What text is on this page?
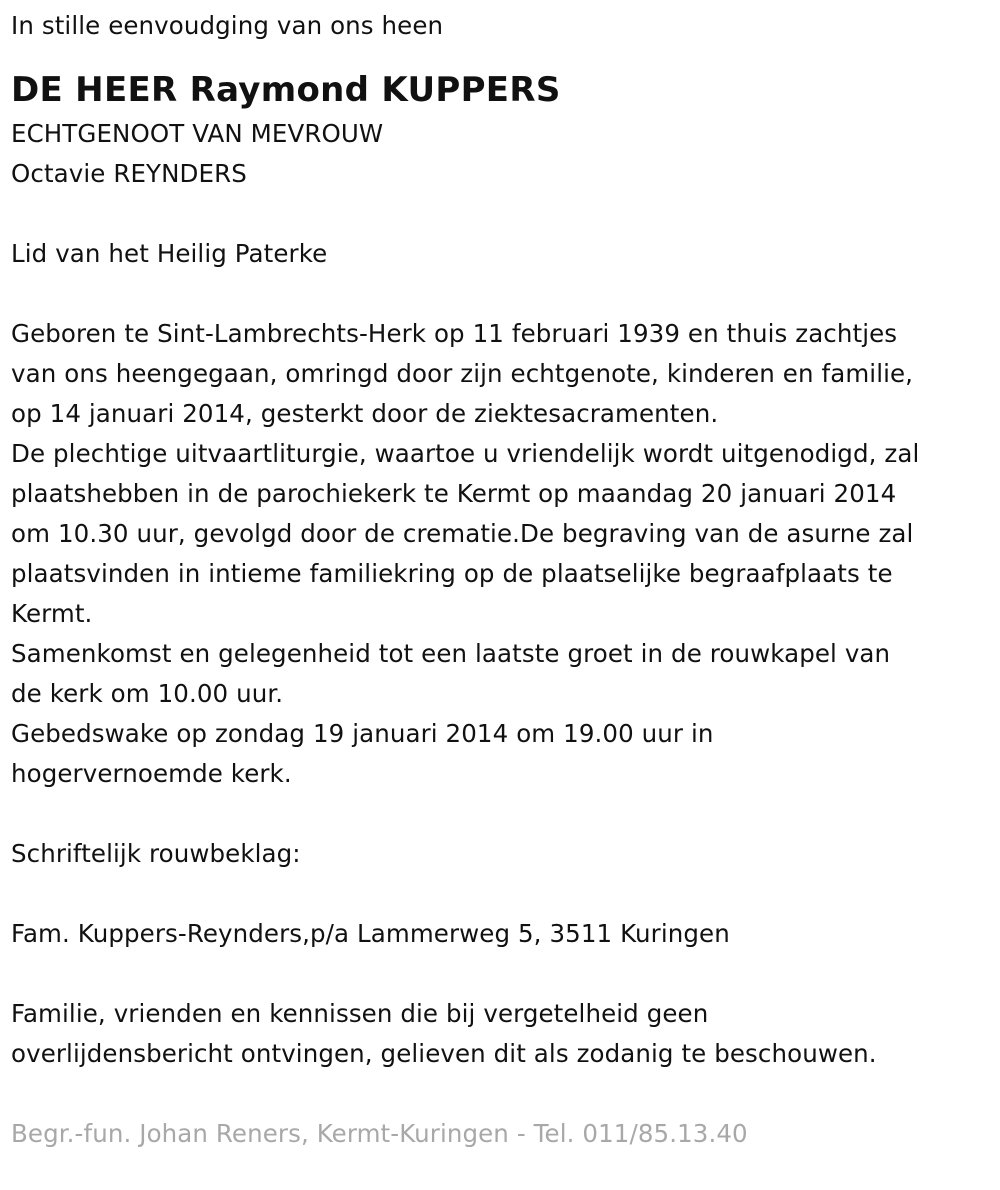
In stille eenvoudging van ons heen
DE HEER Raymond KUPPERS
ECHTGENOOT VAN MEVROUW
Octavie REYNDERS
Lid van het Heilig Paterke
Geboren te Sint-Lambrechts-Herk op 11 februari 1939 en thuis zachtjes
van ons heengegaan, omringd door zijn echtgenote, kinderen en familie,
op 14 januari 2014, gesterkt door de ziektesacramenten.
De plechtige uitvaartliturgie, waartoe u vriendelijk wordt uitgenodigd, zal
plaatshebben in de parochiekerk te Kermt op maandag 20 januari 2014
om 10.30 uur, gevolgd door de crematie.De begraving van de asurne zal
plaatsvinden in intieme familiekring op de plaatselijke begraafplaats te
Kermt.
Samenkomst en gelegenheid tot een laatste groet in de rouwkapel van
de kerk om 10.00 uur.
Gebedswake op zondag 19 januari 2014 om 19.00 uur in
hogervernoemde kerk.
Schriftelijk rouwbeklag:
Fam. Kuppers-Reynders,p/a Lammerweg 5, 3511 Kuringen
Familie, vrienden en kennissen die bij vergetelheid geen
overlijdensbericht ontvingen, gelieven dit als zodanig te beschouwen.
Begr.-fun. Johan Reners, Kermt-Kuringen - Tel. 011/85.13.40
